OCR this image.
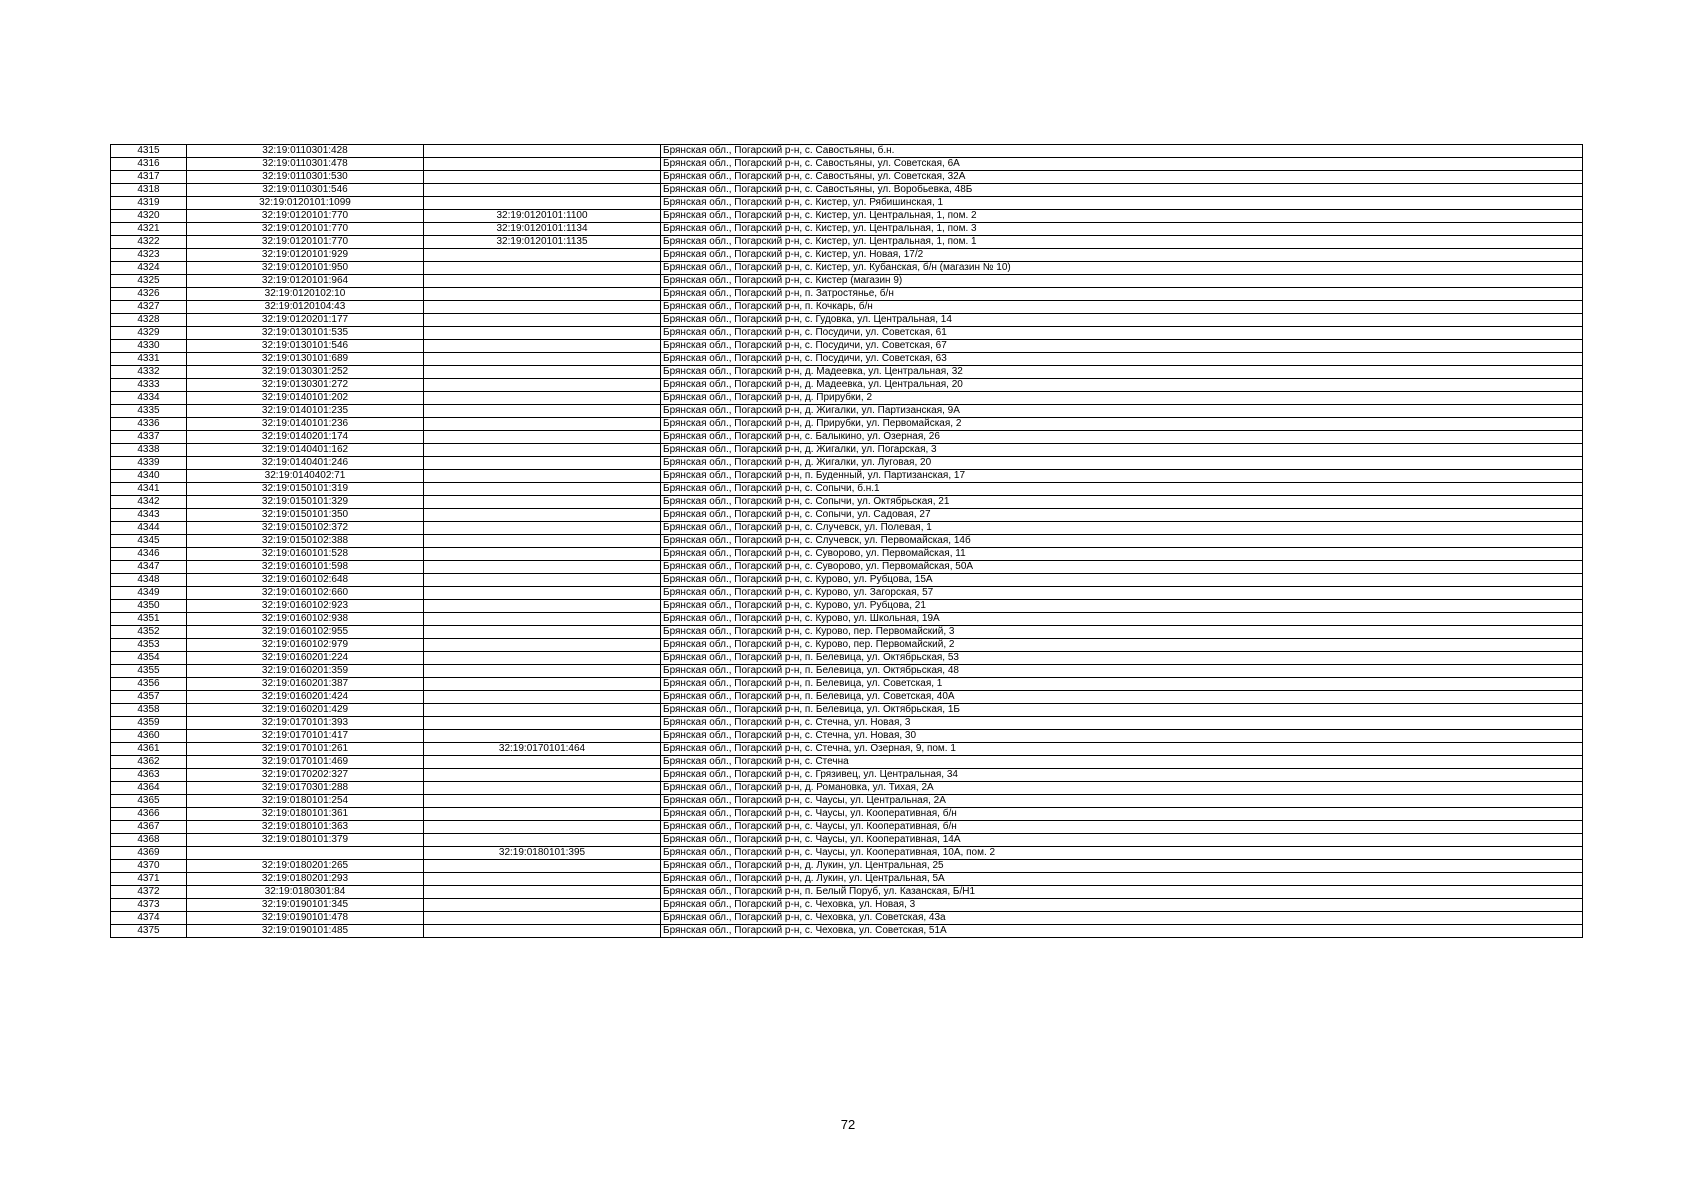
4315	32:19:0110301:428		Брянская обл., Погарский р-н, с. Савостьяны, б.н.
4316	32:19:0110301:478		Брянская обл., Погарский р-н, с. Савостьяны, ул. Советская, 6А
4317	32:19:0110301:530		Брянская обл., Погарский р-н, с. Савостьяны, ул. Советская, 32А
4318	32:19:0110301:546		Брянская обл., Погарский р-н, с. Савостьяны, ул. Воробьевка, 48Б
4319	32:19:0120101:1099		Брянская обл., Погарский р-н, с. Кистер, ул. Рябишинская, 1
4320	32:19:0120101:770	32:19:0120101:1100	Брянская обл., Погарский р-н, с. Кистер, ул. Центральная, 1, пом. 2
4321	32:19:0120101:770	32:19:0120101:1134	Брянская обл., Погарский р-н, с. Кистер, ул. Центральная, 1, пом. 3
4322	32:19:0120101:770	32:19:0120101:1135	Брянская обл., Погарский р-н, с. Кистер, ул. Центральная, 1, пом. 1
4323	32:19:0120101:929		Брянская обл., Погарский р-н, с. Кистер, ул. Новая, 17/2
4324	32:19:0120101:950		Брянская обл., Погарский р-н, с. Кистер, ул. Кубанская, б/н (магазин № 10)
4325	32:19:0120101:964		Брянская обл., Погарский р-н, с. Кистер (магазин 9)
4326	32:19:0120102:10		Брянская обл., Погарский р-н, п. Затростянье, б/н
4327	32:19:0120104:43		Брянская обл., Погарский р-н, п. Кочкарь, б/н
4328	32:19:0120201:177		Брянская обл., Погарский р-н, с. Гудовка, ул. Центральная, 14
4329	32:19:0130101:535		Брянская обл., Погарский р-н, с. Посудичи, ул. Советская, 61
4330	32:19:0130101:546		Брянская обл., Погарский р-н, с. Посудичи, ул. Советская, 67
4331	32:19:0130101:689		Брянская обл., Погарский р-н, с. Посудичи, ул. Советская, 63
4332	32:19:0130301:252		Брянская обл., Погарский р-н, д. Мадеевка, ул. Центральная, 32
4333	32:19:0130301:272		Брянская обл., Погарский р-н, д. Мадеевка, ул. Центральная, 20
4334	32:19:0140101:202		Брянская обл., Погарский р-н, д. Прирубки, 2
4335	32:19:0140101:235		Брянская обл., Погарский р-н, д. Жигалки, ул. Партизанская, 9А
4336	32:19:0140101:236		Брянская обл., Погарский р-н, д. Прирубки, ул. Первомайская, 2
4337	32:19:0140201:174		Брянская обл., Погарский р-н, с. Балыкино, ул. Озерная, 26
4338	32:19:0140401:162		Брянская обл., Погарский р-н, д. Жигалки, ул. Погарская, 3
4339	32:19:0140401:246		Брянская обл., Погарский р-н, д. Жигалки, ул. Луговая, 20
4340	32:19:0140402:71		Брянская обл., Погарский р-н, п. Буденный, ул. Партизанская, 17
4341	32:19:0150101:319		Брянская обл., Погарский р-н, с. Сопычи, б.н.1
4342	32:19:0150101:329		Брянская обл., Погарский р-н, с. Сопычи, ул. Октябрьская, 21
4343	32:19:0150101:350		Брянская обл., Погарский р-н, с. Сопычи, ул. Садовая, 27
4344	32:19:0150102:372		Брянская обл., Погарский р-н, с. Случевск, ул. Полевая, 1
4345	32:19:0150102:388		Брянская обл., Погарский р-н, с. Случевск, ул. Первомайская, 14б
4346	32:19:0160101:528		Брянская обл., Погарский р-н, с. Суворово, ул. Первомайская, 11
4347	32:19:0160101:598		Брянская обл., Погарский р-н, с. Суворово, ул. Первомайская, 50А
4348	32:19:0160102:648		Брянская обл., Погарский р-н, с. Курово, ул. Рубцова, 15А
4349	32:19:0160102:660		Брянская обл., Погарский р-н, с. Курово, ул. Загорская, 57
4350	32:19:0160102:923		Брянская обл., Погарский р-н, с. Курово, ул. Рубцова, 21
4351	32:19:0160102:938		Брянская обл., Погарский р-н, с. Курово, ул. Школьная, 19А
4352	32:19:0160102:955		Брянская обл., Погарский р-н, с. Курово, пер. Первомайский, 3
4353	32:19:0160102:979		Брянская обл., Погарский р-н, с. Курово, пер. Первомайский, 2
4354	32:19:0160201:224		Брянская обл., Погарский р-н, п. Белевица, ул. Октябрьская, 53
4355	32:19:0160201:359		Брянская обл., Погарский р-н, п. Белевица, ул. Октябрьская, 48
4356	32:19:0160201:387		Брянская обл., Погарский р-н, п. Белевица, ул. Советская, 1
4357	32:19:0160201:424		Брянская обл., Погарский р-н, п. Белевица, ул. Советская, 40А
4358	32:19:0160201:429		Брянская обл., Погарский р-н, п. Белевица, ул. Октябрьская, 1Б
4359	32:19:0170101:393		Брянская обл., Погарский р-н, с. Стечна, ул. Новая, 3
4360	32:19:0170101:417		Брянская обл., Погарский р-н, с. Стечна, ул. Новая, 30
4361	32:19:0170101:261	32:19:0170101:464	Брянская обл., Погарский р-н, с. Стечна, ул. Озерная, 9, пом. 1
4362	32:19:0170101:469		Брянская обл., Погарский р-н, с. Стечна
4363	32:19:0170202:327		Брянская обл., Погарский р-н, с. Грязивец, ул. Центральная, 34
4364	32:19:0170301:288		Брянская обл., Погарский р-н, д. Романовка, ул. Тихая, 2А
4365	32:19:0180101:254		Брянская обл., Погарский р-н, с. Чаусы, ул. Центральная, 2А
4366	32:19:0180101:361		Брянская обл., Погарский р-н, с. Чаусы, ул. Кооперативная, б/н
4367	32:19:0180101:363		Брянская обл., Погарский р-н, с. Чаусы, ул. Кооперативная, б/н
4368	32:19:0180101:379		Брянская обл., Погарский р-н, с. Чаусы, ул. Кооперативная, 14А
4369		32:19:0180101:395	Брянская обл., Погарский р-н, с. Чаусы, ул. Кооперативная, 10А, пом. 2
4370	32:19:0180201:265		Брянская обл., Погарский р-н, д. Лукин, ул. Центральная, 25
4371	32:19:0180201:293		Брянская обл., Погарский р-н, д. Лукин, ул. Центральная, 5А
4372	32:19:0180301:84		Брянская обл., Погарский р-н, п. Белый Поруб, ул. Казанская, Б/Н1
4373	32:19:0190101:345		Брянская обл., Погарский р-н, с. Чеховка, ул. Новая, 3
4374	32:19:0190101:478		Брянская обл., Погарский р-н, с. Чеховка, ул. Советская, 43а
4375	32:19:0190101:485		Брянская обл., Погарский р-н, с. Чеховка, ул. Советская, 51А
72
